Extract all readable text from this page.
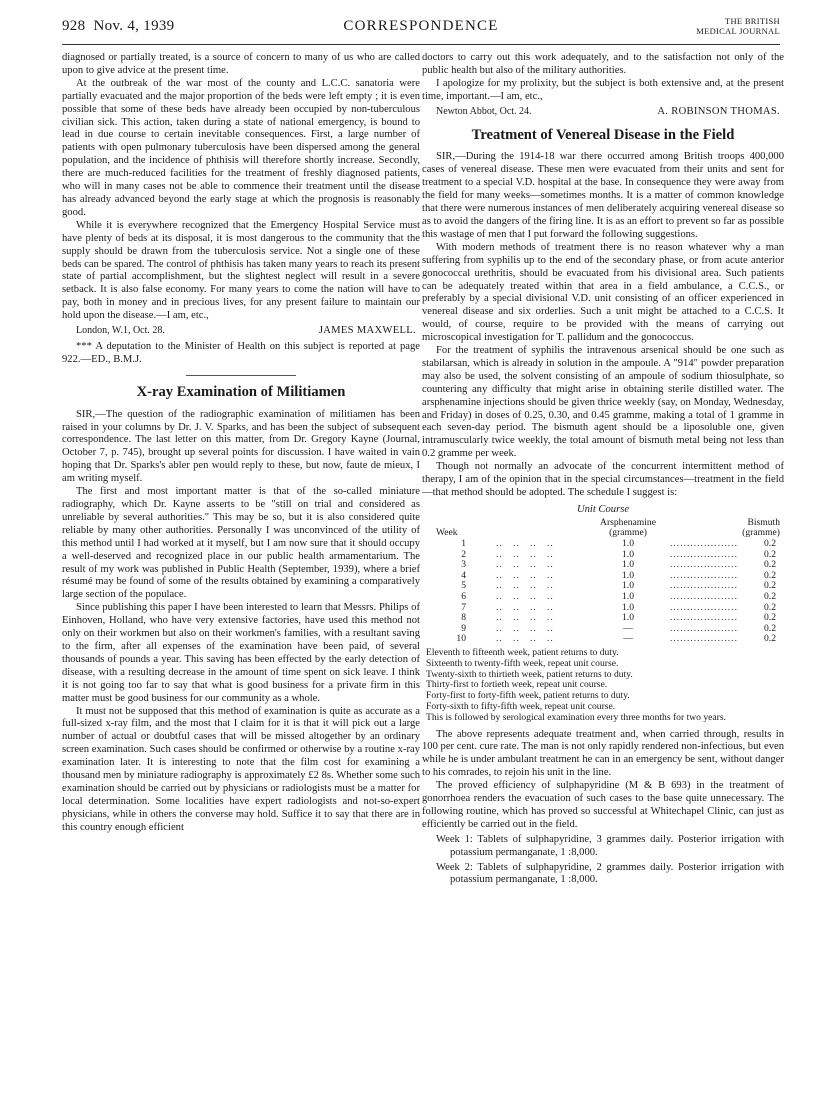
928 Nov. 4, 1939	CORRESPONDENCE	THE BRITISH
MEDICAL JOURNAL

diagnosed or partially treated, is a source of concern to many of us who are called upon to give advice at the present time.

At the outbreak of the war most of the county and L.C.C. sanatoria were partially evacuated and the major proportion of the beds were left empty ; it is even possible that some of these beds have already been occupied by non-tuberculous civilian sick. This action, taken during a state of national emergency, is bound to lead in due course to certain inevitable consequences. First, a large number of patients with open pulmonary tuberculosis have been dispersed among the general population, and the incidence of phthisis will therefore shortly increase. Secondly, there are much-reduced facilities for the treatment of freshly diagnosed patients, who will in many cases not be able to commence their treatment until the disease has already advanced beyond the early stage at which the prognosis is reasonably good.

While it is everywhere recognized that the Emergency Hospital Service must have plenty of beds at its disposal, it is most dangerous to the community that the supply should be drawn from the tuberculosis service. Not a single one of these beds can be spared. The control of phthisis has taken many years to reach its present state of partial accomplishment, but the slightest neglect will result in a severe setback. It is also false economy. For many years to come the nation will have to pay, both in money and in precious lives, for any present failure to maintain our hold upon the disease.—I am, etc.,

London, W.1, Oct. 28.	JAMES MAXWELL.

*** A deputation to the Minister of Health on this subject is reported at page 922.—ED., B.M.J.

X-ray Examination of Militiamen

SIR,—The question of the radiographic examination of militiamen has been raised in your columns by Dr. J. V. Sparks, and has been the subject of subsequent correspondence. The last letter on this matter, from Dr. Gregory Kayne (Journal, October 7, p. 745), brought up several points for discussion. I have waited in vain hoping that Dr. Sparks's abler pen would reply to these, but now, faute de mieux, I am writing myself.

The first and most important matter is that of the so-called miniature radiography, which Dr. Kayne asserts to be "still on trial and considered as unreliable by several authorities." This may be so, but it is also considered quite reliable by many other authorities. Personally I was unconvinced of the utility of this method until I had worked at it myself, but I am now sure that it should occupy a well-deserved and recognized place in our public health armamentarium. The result of my work was published in Public Health (September, 1939), where a brief résumé may be found of some of the results obtained by examining a comparatively large section of the populace.

Since publishing this paper I have been interested to learn that Messrs. Philips of Einhoven, Holland, who have very extensive factories, have used this method not only on their workmen but also on their workmen's families, with a resultant saving to the firm, after all expenses of the examination have been paid, of several thousands of pounds a year. This saving has been effected by the early detection of disease, with a resulting decrease in the amount of time spent on sick leave. I think it is not going too far to say that what is good business for a private firm in this matter must be good business for our community as a whole.

It must not be supposed that this method of examination is quite as accurate as a full-sized x-ray film, and the most that I claim for it is that it will pick out a large number of actual or doubtful cases that will be missed altogether by an ordinary screen examination. Such cases should be confirmed or otherwise by a routine x-ray examination later. It is interesting to note that the film cost for examining a thousand men by miniature radiography is approximately £2 8s. Whether some such examination should be carried out by physicians or radiologists must be a matter for local determination. Some localities have expert radiologists and not-so-expert physicians, while in others the converse may hold. Suffice it to say that there are in this country enough efficient

doctors to carry out this work adequately, and to the satisfaction not only of the public health but also of the military authorities.

I apologize for my prolixity, but the subject is both extensive and, at the present time, important.—I am, etc.,

Newton Abbot, Oct. 24.	A. ROBINSON THOMAS.
Treatment of Venereal Disease in the Field

SIR,—During the 1914-18 war there occurred among British troops 400,000 cases of venereal disease. These men were evacuated from their units and sent for treatment to a special V.D. hospital at the base. In consequence they were away from the field for many weeks—sometimes months. It is a matter of common knowledge that there were numerous instances of men deliberately acquiring venereal disease so as to avoid the dangers of the firing line. It is as an effort to prevent so far as possible this wastage of men that I put forward the following suggestions.

With modern methods of treatment there is no reason whatever why a man suffering from syphilis up to the end of the secondary phase, or from acute anterior gonococcal urethritis, should be evacuated from his divisional area. Such patients can be adequately treated within that area in a field ambulance, a C.C.S., or preferably by a special divisional V.D. unit consisting of an officer experienced in venereal disease and six orderlies. Such a unit might be attached to a C.C.S. It would, of course, require to be provided with the means of carrying out microscopical investigation for T. pallidum and the gonococcus.

For the treatment of syphilis the intravenous arsenical should be one such as stabilarsan, which is already in solution in the ampoule. A "914" powder preparation may also be used, the solvent consisting of an ampoule of sodium thiosulphate, so countering any difficulty that might arise in obtaining sterile distilled water. The arsphenamine injections should be given thrice weekly (say, on Monday, Wednesday, and Friday) in doses of 0.25, 0.30, and 0.45 gramme, making a total of 1 gramme in each seven-day period. The bismuth agent should be a liposoluble one, given intramuscularly twice weekly, the total amount of bismuth metal being not less than 0.2 gramme per week.

Though not normally an advocate of the concurrent intermittent method of therapy, I am of the opinion that in the special circumstances—treatment in the field—that method should be adopted. The schedule I suggest is:

Unit Course
Week		Arsphenamine (gramme)		Bismuth (gramme)
1	..   ..   ..   ..	1.0	....................	0.2
2	..   ..   ..   ..	1.0	....................	0.2
3	..   ..   ..   ..	1.0	....................	0.2
4	..   ..   ..   ..	1.0	....................	0.2
5	..   ..   ..   ..	1.0	....................	0.2
6	..   ..   ..   ..	1.0	....................	0.2
7	..   ..   ..   ..	1.0	....................	0.2
8	..   ..   ..   ..	1.0	....................	0.2
9	..   ..   ..   ..	—	....................	0.2
10	..   ..   ..   ..	—	....................	0.2
Eleventh to fifteenth week, patient returns to duty.
Sixteenth to twenty-fifth week, repeat unit course.
Twenty-sixth to thirtieth week, patient returns to duty.
Thirty-first to fortieth week, repeat unit course.
Forty-first to forty-fifth week, patient returns to duty.
Forty-sixth to fifty-fifth week, repeat unit course.
This is followed by serological examination every three months for two years.

The above represents adequate treatment and, when carried through, results in 100 per cent. cure rate. The man is not only rapidly rendered non-infectious, but even while he is under ambulant treatment he can in an emergency be sent, without danger to his comrades, to rejoin his unit in the line.

The proved efficiency of sulphapyridine (M & B 693) in the treatment of gonorrhoea renders the evacuation of such cases to the base quite unnecessary. The following routine, which has proved so successful at Whitechapel Clinic, can just as efficiently be carried out in the field.

Week 1: Tablets of sulphapyridine, 3 grammes daily. Posterior irrigation with potassium permanganate, 1 :8,000.

Week 2: Tablets of sulphapyridine, 2 grammes daily. Posterior irrigation with potassium permanganate, 1 :8,000.
